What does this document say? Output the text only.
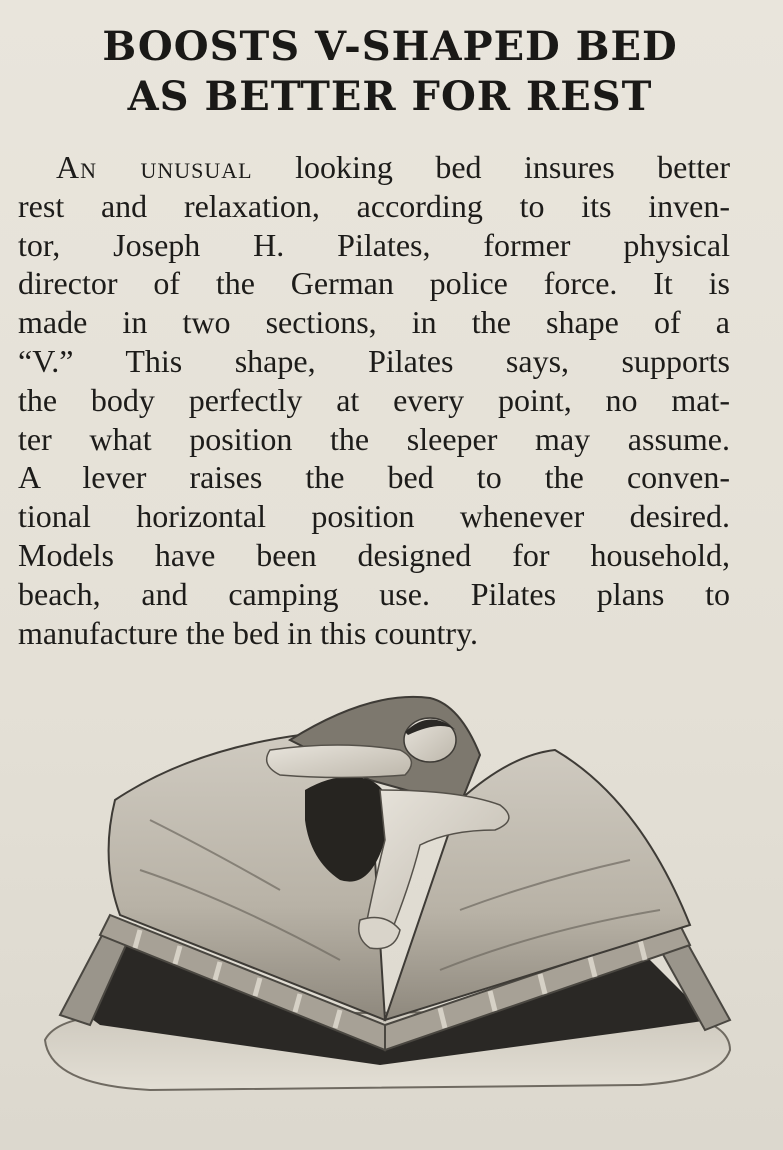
BOOSTS V-SHAPED BED
AS BETTER FOR REST
An unusual looking bed insures better
rest and relaxation, according to its inven-
tor, Joseph H. Pilates, former physical
director of the German police force. It is
made in two sections, in the shape of a
“V.” This shape, Pilates says, supports
the body perfectly at every point, no mat-
ter what position the sleeper may assume.
A lever raises the bed to the conven-
tional horizontal position whenever desired.
Models have been designed for household,
beach, and camping use. Pilates plans to
manufacture the bed in this country.
